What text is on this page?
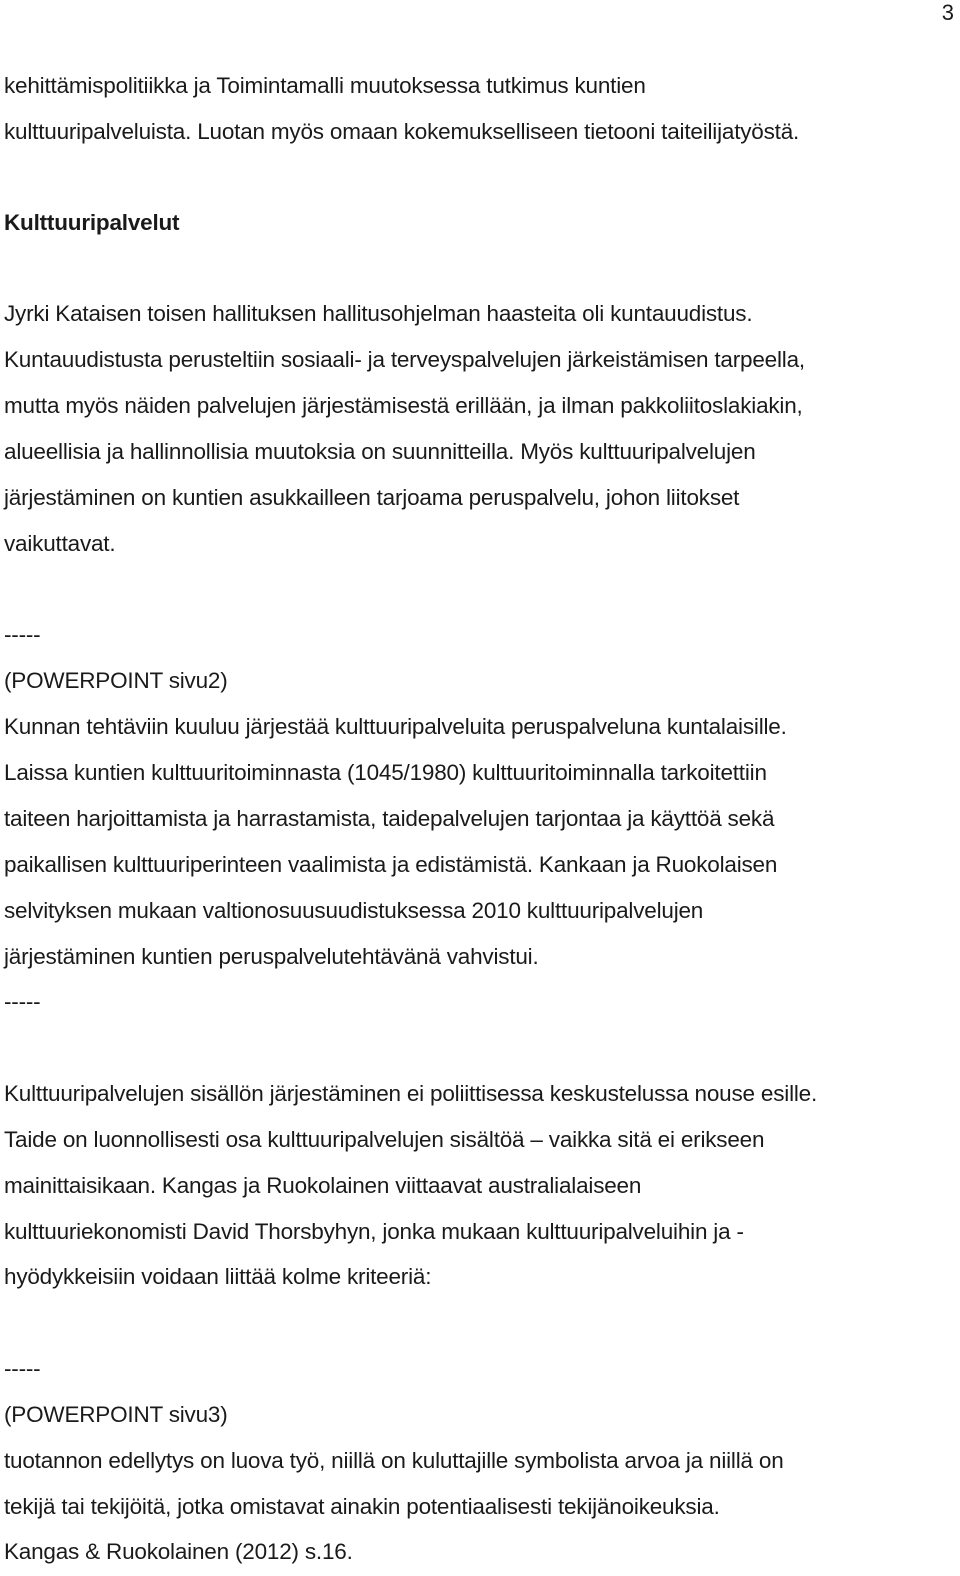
3
kehittämispolitiikka ja Toimintamalli muutoksessa tutkimus kuntien
kulttuuripalveluista. Luotan myös omaan kokemukselliseen tietooni taiteilijatyöstä.
Kulttuuripalvelut
Jyrki Kataisen toisen hallituksen hallitusohjelman haasteita oli kuntauudistus.
Kuntauudistusta perusteltiin sosiaali- ja terveyspalvelujen järkeistämisen tarpeella,
mutta myös näiden palvelujen järjestämisestä erillään, ja ilman pakkoliitoslakiakin,
alueellisia ja hallinnollisia muutoksia on suunnitteilla. Myös kulttuuripalvelujen
järjestäminen on kuntien asukkailleen tarjoama peruspalvelu, johon liitokset
vaikuttavat.
-----
(POWERPOINT sivu2)
Kunnan tehtäviin kuuluu järjestää kulttuuripalveluita peruspalveluna kuntalaisille.
Laissa kuntien kulttuuritoiminnasta (1045/1980) kulttuuritoiminnalla tarkoitettiin
taiteen harjoittamista ja harrastamista, taidepalvelujen tarjontaa ja käyttöä sekä
paikallisen kulttuuriperinteen vaalimista ja edistämistä. Kankaan ja Ruokolaisen
selvityksen mukaan valtionosuusuudistuksessa 2010 kulttuuripalvelujen
järjestäminen kuntien peruspalvelutehtävänä vahvistui.
-----
Kulttuuripalvelujen sisällön järjestäminen ei poliittisessa keskustelussa nouse esille.
Taide on luonnollisesti osa kulttuuripalvelujen sisältöä – vaikka sitä ei erikseen
mainittaisikaan. Kangas ja Ruokolainen viittaavat australialaiseen
kulttuuriekonomisti David Thorsbyhyn, jonka mukaan kulttuuripalveluihin ja -
hyödykkeisiin voidaan liittää kolme kriteeriä:
-----
(POWERPOINT sivu3)
tuotannon edellytys on luova työ, niillä on kuluttajille symbolista arvoa ja niillä on
tekijä tai tekijöitä, jotka omistavat ainakin potentiaalisesti tekijänoikeuksia.
Kangas & Ruokolainen (2012) s.16.
